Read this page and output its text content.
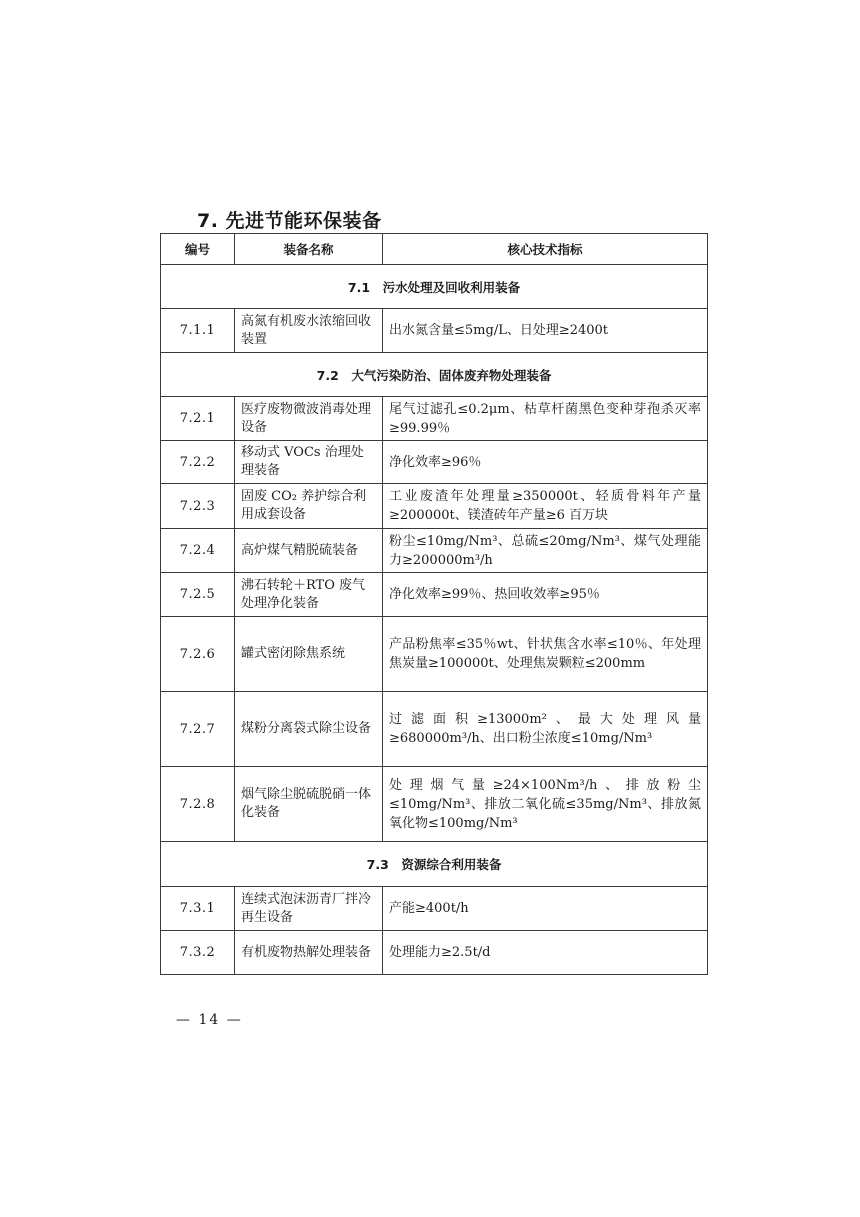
7. 先进节能环保装备
编号	装备名称	核心技术指标
7.1　污水处理及回收利用装备		
7.1.1	高氮有机废水浓缩回收装置	出水氮含量≤5mg/L、日处理≥2400t
7.2　大气污染防治、固体废弃物处理装备		
7.2.1	医疗废物微波消毒处理设备	尾气过滤孔≤0.2μm、枯草杆菌黑色变种芽孢杀灭率≥99.99％
7.2.2	移动式 VOCs 治理处理装备	净化效率≥96％
7.2.3	固废 CO₂ 养护综合利用成套设备	工业废渣年处理量≥350000t、轻质骨料年产量≥200000t、镁渣砖年产量≥6 百万块
7.2.4	高炉煤气精脱硫装备	粉尘≤10mg/Nm³、总硫≤20mg/Nm³、煤气处理能力≥200000m³/h
7.2.5	沸石转轮＋RTO 废气处理净化装备	净化效率≥99％、热回收效率≥95％
7.2.6	罐式密闭除焦系统	产品粉焦率≤35％wt、针状焦含水率≤10％、年处理焦炭量≥100000t、处理焦炭颗粒≤200mm
7.2.7	煤粉分离袋式除尘设备	过滤面积≥13000m²、最大处理风量≥680000m³/h、出口粉尘浓度≤10mg/Nm³
7.2.8	烟气除尘脱硫脱硝一体化装备	处理烟气量≥24×100Nm³/h、排放粉尘≤10mg/Nm³、排放二氧化硫≤35mg/Nm³、排放氮氧化物≤100mg/Nm³
7.3　资源综合利用装备		
7.3.1	连续式泡沫沥青厂拌冷再生设备	产能≥400t/h
7.3.2	有机废物热解处理装备	处理能力≥2.5t/d
— 14 —
